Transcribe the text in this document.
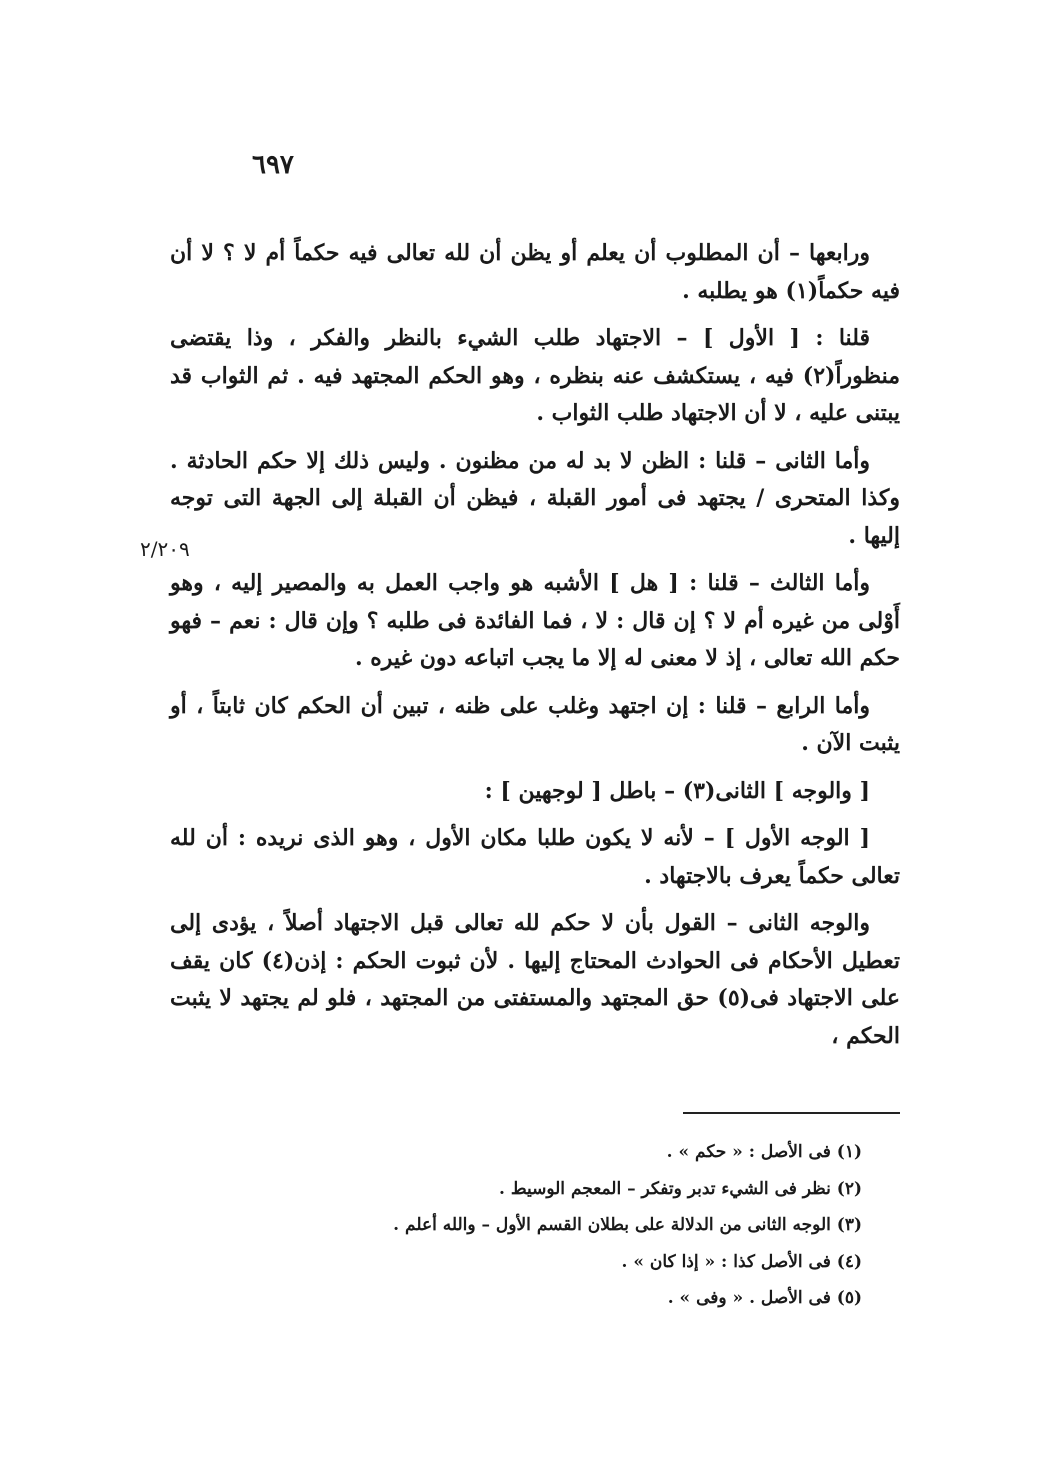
٦٩٧
٢/٢٠٩

ورابعها – أن المطلوب أن يعلم أو يظن أن لله تعالى فيه حكماً أم لا ؟ لا أن فيه حكماً(١) هو يطلبه .

قلنا : [ الأول ] – الاجتهاد طلب الشيء بالنظر والفكر ، وذا يقتضى منظوراً(٢) فيه ، يستكشف عنه بنظره ، وهو الحكم المجتهد فيه . ثم الثواب قد يبتنى عليه ، لا أن الاجتهاد طلب الثواب .

وأما الثانى – قلنا : الظن لا بد له من مظنون . وليس ذلك إلا حكم الحادثة . وكذا المتحرى / يجتهد فى أمور القبلة ، فيظن أن القبلة إلى الجهة التى توجه إليها .

وأما الثالث – قلنا : [ هل ] الأشبه هو واجب العمل به والمصير إليه ، وهو أَوْلى من غيره أم لا ؟ إن قال : لا ، فما الفائدة فى طلبه ؟ وإن قال : نعم – فهو حكم الله تعالى ، إذ لا معنى له إلا ما يجب اتباعه دون غيره .

وأما الرابع – قلنا : إن اجتهد وغلب على ظنه ، تبين أن الحكم كان ثابتاً ، أو يثبت الآن .

[ والوجه ] الثانى(٣) – باطل [ لوجهين ] :

[ الوجه الأول ] – لأنه لا يكون طلبا مكان الأول ، وهو الذى نريده : أن لله تعالى حكماً يعرف بالاجتهاد .

والوجه الثانى – القول بأن لا حكم لله تعالى قبل الاجتهاد أصلاً ، يؤدى إلى تعطيل الأحكام فى الحوادث المحتاج إليها . لأن ثبوت الحكم : إذن(٤) كان يقف على الاجتهاد فى(٥) حق المجتهد والمستفتى من المجتهد ، فلو لم يجتهد لا يثبت الحكم ،

(١) فى الأصل : « حكم » .
(٢) نظر فى الشيء تدبر وتفكر – المعجم الوسيط .
(٣) الوجه الثانى من الدلالة على بطلان القسم الأول – والله أعلم .
(٤) فى الأصل كذا : « إذا كان » .
(٥) فى الأصل . « وفى » .
